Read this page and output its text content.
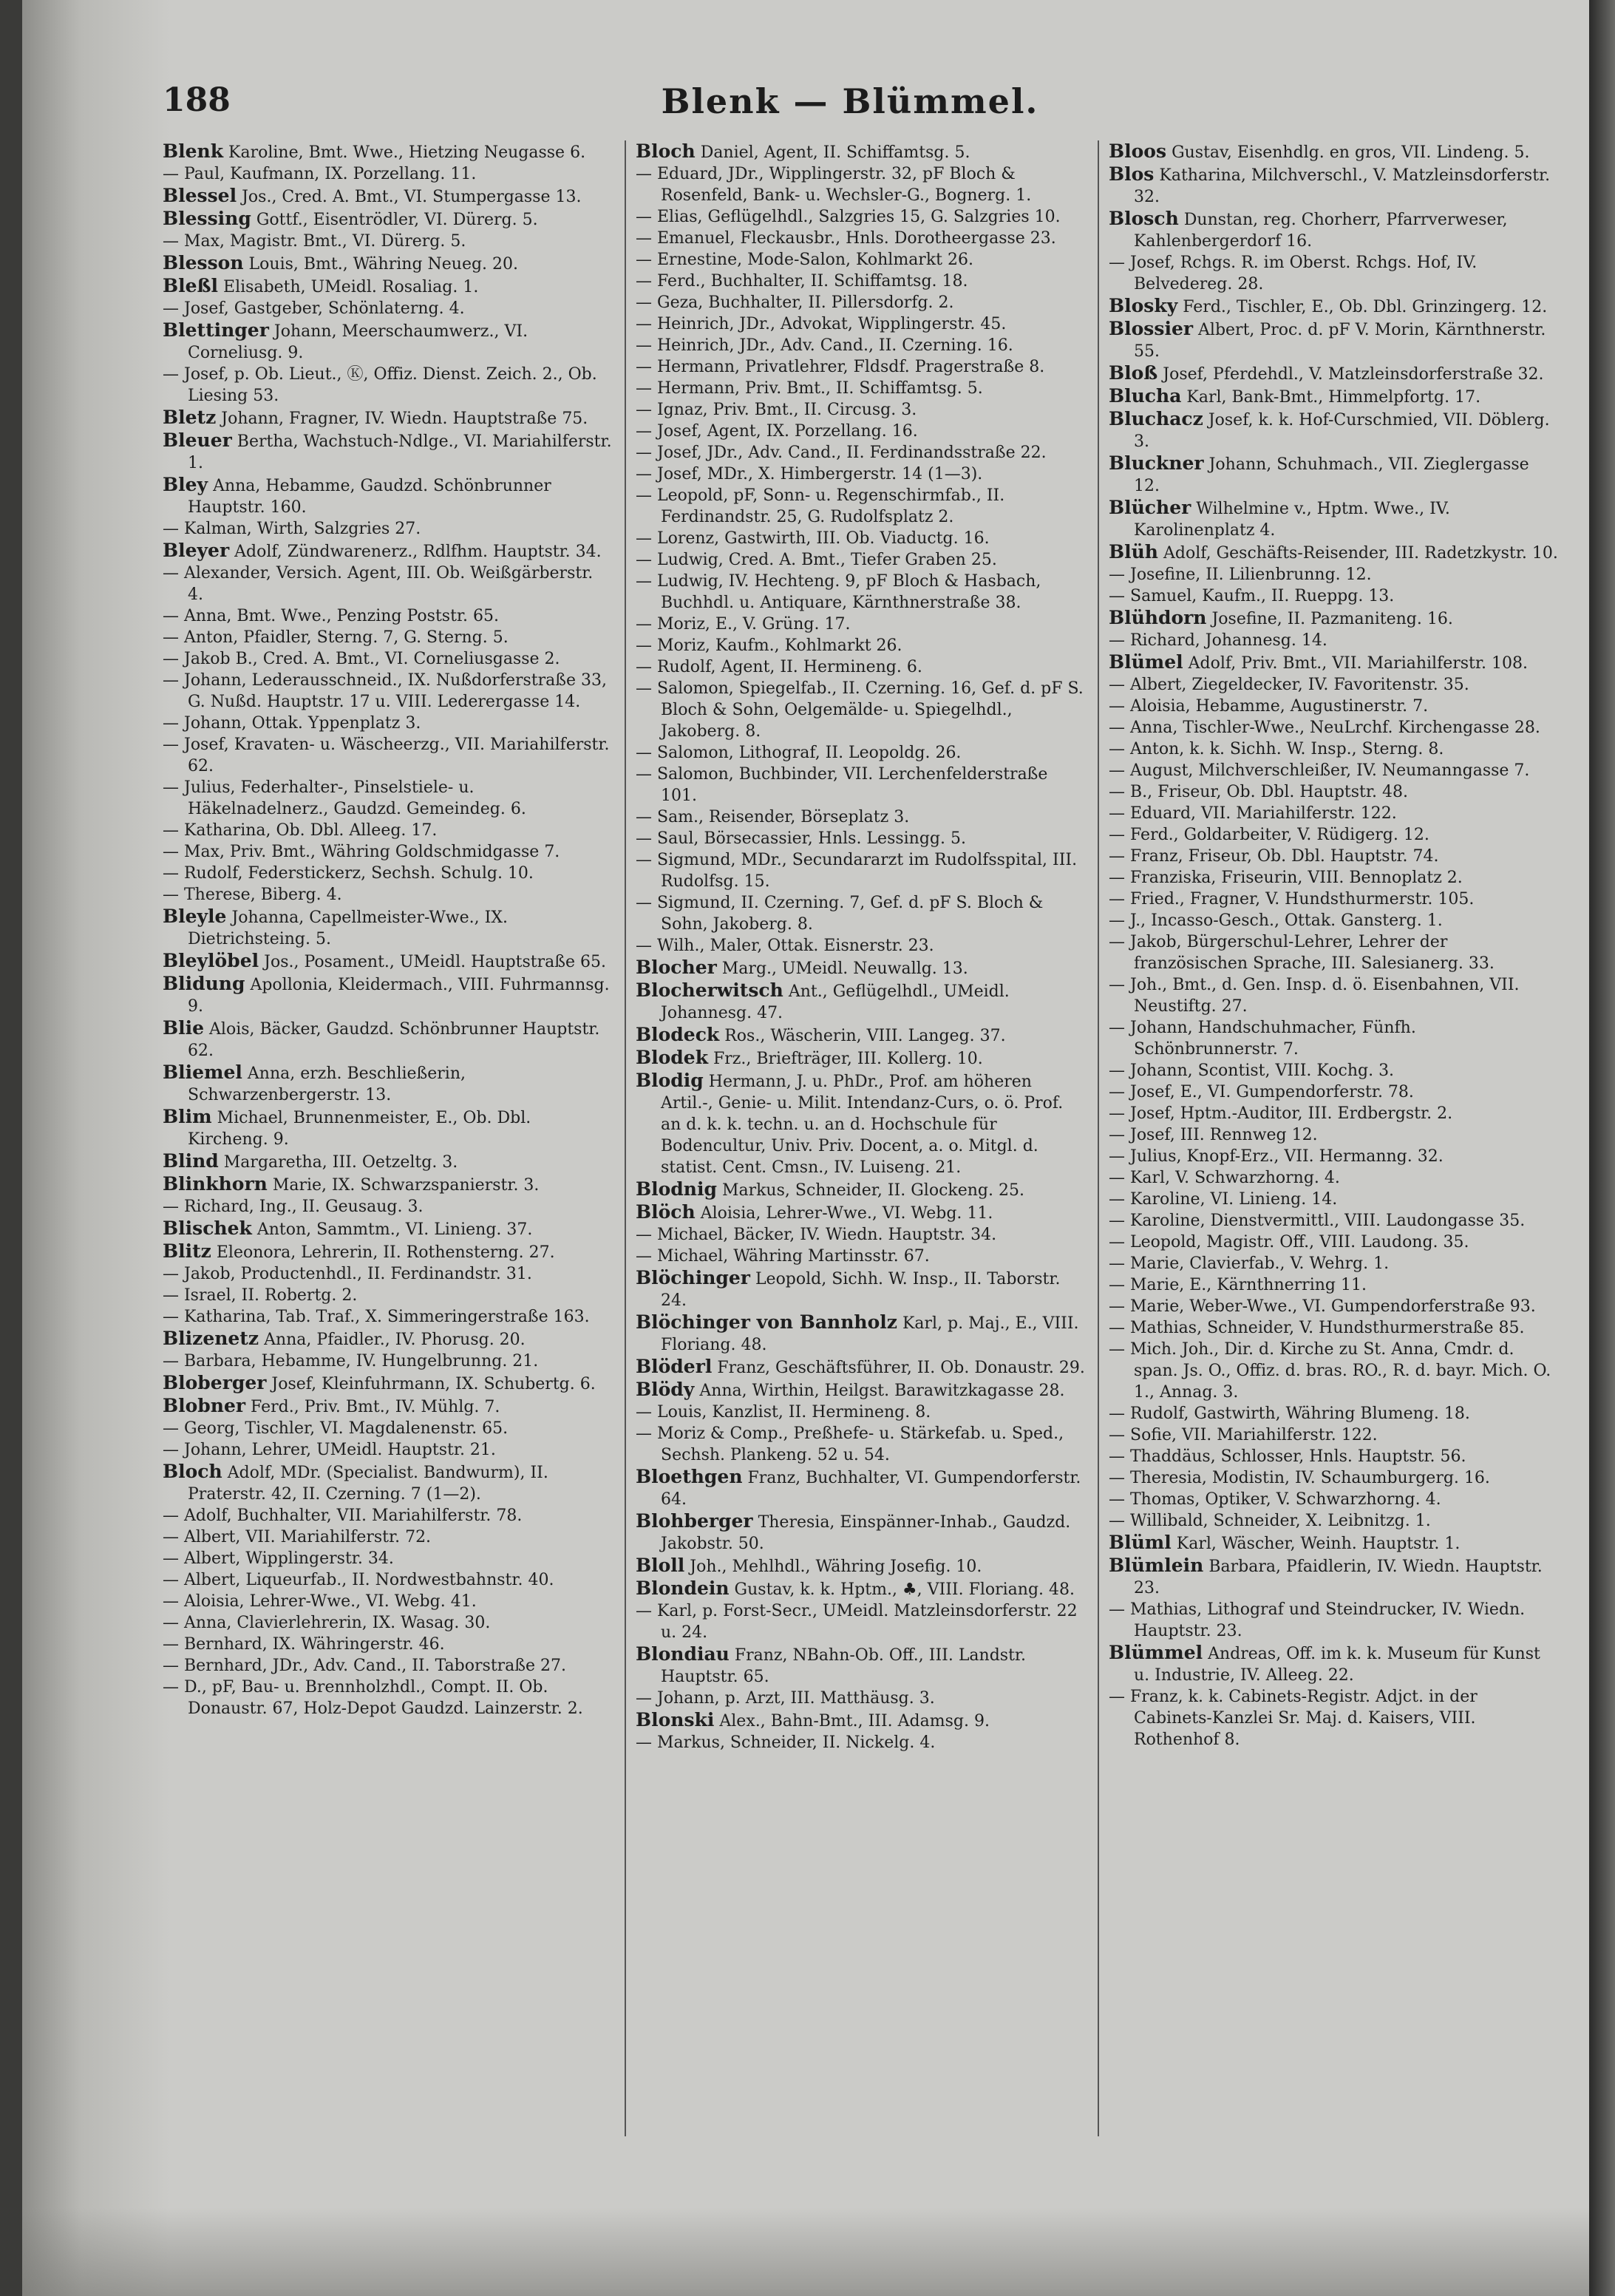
188	Blenk — Blümmel.

Blenk Karoline, Bmt. Wwe., Hietzing Neugasse 6.

— Paul, Kaufmann, IX. Porzellang. 11.

Blessel Jos., Cred. A. Bmt., VI. Stumpergasse 13.

Blessing Gottf., Eisentrödler, VI. Dürerg. 5.

— Max, Magistr. Bmt., VI. Dürerg. 5.

Blesson Louis, Bmt., Währing Neueg. 20.

Bleßl Elisabeth, UMeidl. Rosaliag. 1.

— Josef, Gastgeber, Schönlaterng. 4.

Blettinger Johann, Meerschaumwerz., VI. Corneliusg. 9.

— Josef, p. Ob. Lieut., Ⓚ, Offiz. Dienst. Zeich. 2., Ob. Liesing 53.

Bletz Johann, Fragner, IV. Wiedn. Hauptstraße 75.

Bleuer Bertha, Wachstuch-Ndlge., VI. Mariahilferstr. 1.

Bley Anna, Hebamme, Gaudzd. Schönbrunner Hauptstr. 160.

— Kalman, Wirth, Salzgries 27.

Bleyer Adolf, Zündwarenerz., Rdlfhm. Hauptstr. 34.

— Alexander, Versich. Agent, III. Ob. Weißgärberstr. 4.

— Anna, Bmt. Wwe., Penzing Poststr. 65.

— Anton, Pfaidler, Sterng. 7, G. Sterng. 5.

— Jakob B., Cred. A. Bmt., VI. Corneliusgasse 2.

— Johann, Lederausschneid., IX. Nußdorferstraße 33, G. Nußd. Hauptstr. 17 u. VIII. Lederergasse 14.

— Johann, Ottak. Yppenplatz 3.

— Josef, Kravaten- u. Wäscheerzg., VII. Mariahilferstr. 62.

— Julius, Federhalter-, Pinselstiele- u. Häkelnadelnerz., Gaudzd. Gemeindeg. 6.

— Katharina, Ob. Dbl. Alleeg. 17.

— Max, Priv. Bmt., Währing Goldschmidgasse 7.

— Rudolf, Federstickerz, Sechsh. Schulg. 10.

— Therese, Biberg. 4.

Bleyle Johanna, Capellmeister-Wwe., IX. Dietrichsteing. 5.

Bleylöbel Jos., Posament., UMeidl. Hauptstraße 65.

Blidung Apollonia, Kleidermach., VIII. Fuhrmannsg. 9.

Blie Alois, Bäcker, Gaudzd. Schönbrunner Hauptstr. 62.

Bliemel Anna, erzh. Beschließerin, Schwarzenbergerstr. 13.

Blim Michael, Brunnenmeister, E., Ob. Dbl. Kircheng. 9.

Blind Margaretha, III. Oetzeltg. 3.

Blinkhorn Marie, IX. Schwarzspanierstr. 3.

— Richard, Ing., II. Geusaug. 3.

Blischek Anton, Sammtm., VI. Linieng. 37.

Blitz Eleonora, Lehrerin, II. Rothensterng. 27.

— Jakob, Productenhdl., II. Ferdinandstr. 31.

— Israel, II. Robertg. 2.

— Katharina, Tab. Traf., X. Simmeringerstraße 163.

Blizenetz Anna, Pfaidler., IV. Phorusg. 20.

— Barbara, Hebamme, IV. Hungelbrunng. 21.

Bloberger Josef, Kleinfuhrmann, IX. Schubertg. 6.

Blobner Ferd., Priv. Bmt., IV. Mühlg. 7.

— Georg, Tischler, VI. Magdalenenstr. 65.

— Johann, Lehrer, UMeidl. Hauptstr. 21.

Bloch Adolf, MDr. (Specialist. Bandwurm), II. Praterstr. 42, II. Czerning. 7 (1—2).

— Adolf, Buchhalter, VII. Mariahilferstr. 78.

— Albert, VII. Mariahilferstr. 72.

— Albert, Wipplingerstr. 34.

— Albert, Liqueurfab., II. Nordwestbahnstr. 40.

— Aloisia, Lehrer-Wwe., VI. Webg. 41.

— Anna, Clavierlehrerin, IX. Wasag. 30.

— Bernhard, IX. Währingerstr. 46.

— Bernhard, JDr., Adv. Cand., II. Taborstraße 27.

— D., pF, Bau- u. Brennholzhdl., Compt. II. Ob. Donaustr. 67, Holz-Depot Gaudzd. Lainzerstr. 2.

Bloch Daniel, Agent, II. Schiffamtsg. 5.

— Eduard, JDr., Wipplingerstr. 32, pF Bloch & Rosenfeld, Bank- u. Wechsler-G., Bognerg. 1.

— Elias, Geflügelhdl., Salzgries 15, G. Salzgries 10.

— Emanuel, Fleckausbr., Hnls. Dorotheergasse 23.

— Ernestine, Mode-Salon, Kohlmarkt 26.

— Ferd., Buchhalter, II. Schiffamtsg. 18.

— Geza, Buchhalter, II. Pillersdorfg. 2.

— Heinrich, JDr., Advokat, Wipplingerstr. 45.

— Heinrich, JDr., Adv. Cand., II. Czerning. 16.

— Hermann, Privatlehrer, Fldsdf. Pragerstraße 8.

— Hermann, Priv. Bmt., II. Schiffamtsg. 5.

— Ignaz, Priv. Bmt., II. Circusg. 3.

— Josef, Agent, IX. Porzellang. 16.

— Josef, JDr., Adv. Cand., II. Ferdinandsstraße 22.

— Josef, MDr., X. Himbergerstr. 14 (1—3).

— Leopold, pF, Sonn- u. Regenschirmfab., II. Ferdinandstr. 25, G. Rudolfsplatz 2.

— Lorenz, Gastwirth, III. Ob. Viaductg. 16.

— Ludwig, Cred. A. Bmt., Tiefer Graben 25.

— Ludwig, IV. Hechteng. 9, pF Bloch & Hasbach, Buchhdl. u. Antiquare, Kärnthnerstraße 38.

— Moriz, E., V. Grüng. 17.

— Moriz, Kaufm., Kohlmarkt 26.

— Rudolf, Agent, II. Hermineng. 6.

— Salomon, Spiegelfab., II. Czerning. 16, Gef. d. pF S. Bloch & Sohn, Oelgemälde- u. Spiegelhdl., Jakoberg. 8.

— Salomon, Lithograf, II. Leopoldg. 26.

— Salomon, Buchbinder, VII. Lerchenfelderstraße 101.

— Sam., Reisender, Börseplatz 3.

— Saul, Börsecassier, Hnls. Lessingg. 5.

— Sigmund, MDr., Secundararzt im Rudolfsspital, III. Rudolfsg. 15.

— Sigmund, II. Czerning. 7, Gef. d. pF S. Bloch & Sohn, Jakoberg. 8.

— Wilh., Maler, Ottak. Eisnerstr. 23.

Blocher Marg., UMeidl. Neuwallg. 13.

Blocherwitsch Ant., Geflügelhdl., UMeidl. Johannesg. 47.

Blodeck Ros., Wäscherin, VIII. Langeg. 37.

Blodek Frz., Briefträger, III. Kollerg. 10.

Blodig Hermann, J. u. PhDr., Prof. am höheren Artil.-, Genie- u. Milit. Intendanz-Curs, o. ö. Prof. an d. k. k. techn. u. an d. Hochschule für Bodencultur, Univ. Priv. Docent, a. o. Mitgl. d. statist. Cent. Cmsn., IV. Luiseng. 21.

Blodnig Markus, Schneider, II. Glockeng. 25.

Blöch Aloisia, Lehrer-Wwe., VI. Webg. 11.

— Michael, Bäcker, IV. Wiedn. Hauptstr. 34.

— Michael, Währing Martinsstr. 67.

Blöchinger Leopold, Sichh. W. Insp., II. Taborstr. 24.

Blöchinger von Bannholz Karl, p. Maj., E., VIII. Floriang. 48.

Blöderl Franz, Geschäftsführer, II. Ob. Donaustr. 29.

Blödy Anna, Wirthin, Heilgst. Barawitzkagasse 28.

— Louis, Kanzlist, II. Hermineng. 8.

— Moriz & Comp., Preßhefe- u. Stärkefab. u. Sped., Sechsh. Plankeng. 52 u. 54.

Bloethgen Franz, Buchhalter, VI. Gumpendorferstr. 64.

Blohberger Theresia, Einspänner-Inhab., Gaudzd. Jakobstr. 50.

Bloll Joh., Mehlhdl., Währing Josefig. 10.

Blondein Gustav, k. k. Hptm., ♣, VIII. Floriang. 48.

— Karl, p. Forst-Secr., UMeidl. Matzleinsdorferstr. 22 u. 24.

Blondiau Franz, NBahn-Ob. Off., III. Landstr. Hauptstr. 65.

— Johann, p. Arzt, III. Matthäusg. 3.

Blonski Alex., Bahn-Bmt., III. Adamsg. 9.

— Markus, Schneider, II. Nickelg. 4.

Bloos Gustav, Eisenhdlg. en gros, VII. Lindeng. 5.

Blos Katharina, Milchverschl., V. Matzleinsdorferstr. 32.

Blosch Dunstan, reg. Chorherr, Pfarrverweser, Kahlenbergerdorf 16.

— Josef, Rchgs. R. im Oberst. Rchgs. Hof, IV. Belvedereg. 28.

Blosky Ferd., Tischler, E., Ob. Dbl. Grinzingerg. 12.

Blossier Albert, Proc. d. pF V. Morin, Kärnthnerstr. 55.

Bloß Josef, Pferdehdl., V. Matzleinsdorferstraße 32.

Blucha Karl, Bank-Bmt., Himmelpfortg. 17.

Bluchacz Josef, k. k. Hof-Curschmied, VII. Döblerg. 3.

Bluckner Johann, Schuhmach., VII. Zieglergasse 12.

Blücher Wilhelmine v., Hptm. Wwe., IV. Karolinenplatz 4.

Blüh Adolf, Geschäfts-Reisender, III. Radetzkystr. 10.

— Josefine, II. Lilienbrunng. 12.

— Samuel, Kaufm., II. Rueppg. 13.

Blühdorn Josefine, II. Pazmaniteng. 16.

— Richard, Johannesg. 14.

Blümel Adolf, Priv. Bmt., VII. Mariahilferstr. 108.

— Albert, Ziegeldecker, IV. Favoritenstr. 35.

— Aloisia, Hebamme, Augustinerstr. 7.

— Anna, Tischler-Wwe., NeuLrchf. Kirchengasse 28.

— Anton, k. k. Sichh. W. Insp., Sterng. 8.

— August, Milchverschleißer, IV. Neumanngasse 7.

— B., Friseur, Ob. Dbl. Hauptstr. 48.

— Eduard, VII. Mariahilferstr. 122.

— Ferd., Goldarbeiter, V. Rüdigerg. 12.

— Franz, Friseur, Ob. Dbl. Hauptstr. 74.

— Franziska, Friseurin, VIII. Bennoplatz 2.

— Fried., Fragner, V. Hundsthurmerstr. 105.

— J., Incasso-Gesch., Ottak. Gansterg. 1.

— Jakob, Bürgerschul-Lehrer, Lehrer der französischen Sprache, III. Salesianerg. 33.

— Joh., Bmt., d. Gen. Insp. d. ö. Eisenbahnen, VII. Neustiftg. 27.

— Johann, Handschuhmacher, Fünfh. Schönbrunnerstr. 7.

— Johann, Scontist, VIII. Kochg. 3.

— Josef, E., VI. Gumpendorferstr. 78.

— Josef, Hptm.-Auditor, III. Erdbergstr. 2.

— Josef, III. Rennweg 12.

— Julius, Knopf-Erz., VII. Hermanng. 32.

— Karl, V. Schwarzhorng. 4.

— Karoline, VI. Linieng. 14.

— Karoline, Dienstvermittl., VIII. Laudongasse 35.

— Leopold, Magistr. Off., VIII. Laudong. 35.

— Marie, Clavierfab., V. Wehrg. 1.

— Marie, E., Kärnthnerring 11.

— Marie, Weber-Wwe., VI. Gumpendorferstraße 93.

— Mathias, Schneider, V. Hundsthurmerstraße 85.

— Mich. Joh., Dir. d. Kirche zu St. Anna, Cmdr. d. span. Js. O., Offiz. d. bras. RO., R. d. bayr. Mich. O. 1., Annag. 3.

— Rudolf, Gastwirth, Währing Blumeng. 18.

— Sofie, VII. Mariahilferstr. 122.

— Thaddäus, Schlosser, Hnls. Hauptstr. 56.

— Theresia, Modistin, IV. Schaumburgerg. 16.

— Thomas, Optiker, V. Schwarzhorng. 4.

— Willibald, Schneider, X. Leibnitzg. 1.

Blüml Karl, Wäscher, Weinh. Hauptstr. 1.

Blümlein Barbara, Pfaidlerin, IV. Wiedn. Hauptstr. 23.

— Mathias, Lithograf und Steindrucker, IV. Wiedn. Hauptstr. 23.

Blümmel Andreas, Off. im k. k. Museum für Kunst u. Industrie, IV. Alleeg. 22.

— Franz, k. k. Cabinets-Registr. Adjct. in der Cabinets-Kanzlei Sr. Maj. d. Kaisers, VIII. Rothenhof 8.
